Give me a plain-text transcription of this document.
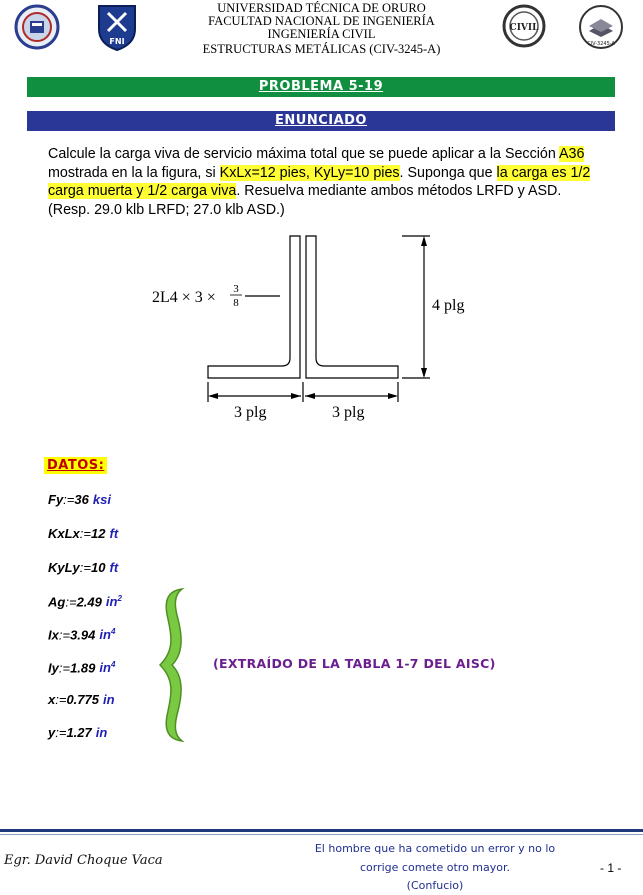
FNI
UNIVERSIDAD TÉCNICA DE ORURO
FACULTAD NACIONAL DE INGENIERÍA
INGENIERÍA CIVIL
ESTRUCTURAS METÁLICAS (CIV-3245-A)
CIVIL
CIV-3245-A
PROBLEMA 5-19
ENUNCIADO
Calcule la carga viva de servicio máxima total que se puede aplicar a la Sección A36 mostrada en la la figura, si KxLx=12 pies, KyLy=10 pies. Suponga que la carga es 1/2 carga muerta y 1/2 carga viva. Resuelva mediante ambos métodos LRFD y ASD. (Resp. 29.0 klb LRFD; 27.0 klb ASD.)
2L4 × 3 × 3
8	4 plg
3 plg	3 plg
DATOS:
Fy:=36 ksi
KxLx:=12 ft
KyLy:=10 ft
Ag:=2.49 $in^2$
Ix:=3.94 $in^4$
Iy:=1.89 $in^4$
x:=0.775 in
y:=1.27 in
(EXTRAÍDO DE LA TABLA 1-7 DEL AISC)
Egr. David Choque Vaca
El hombre que ha cometido un error y no lo
corrige comete otro mayor.
(Confucio)
- 1 -
